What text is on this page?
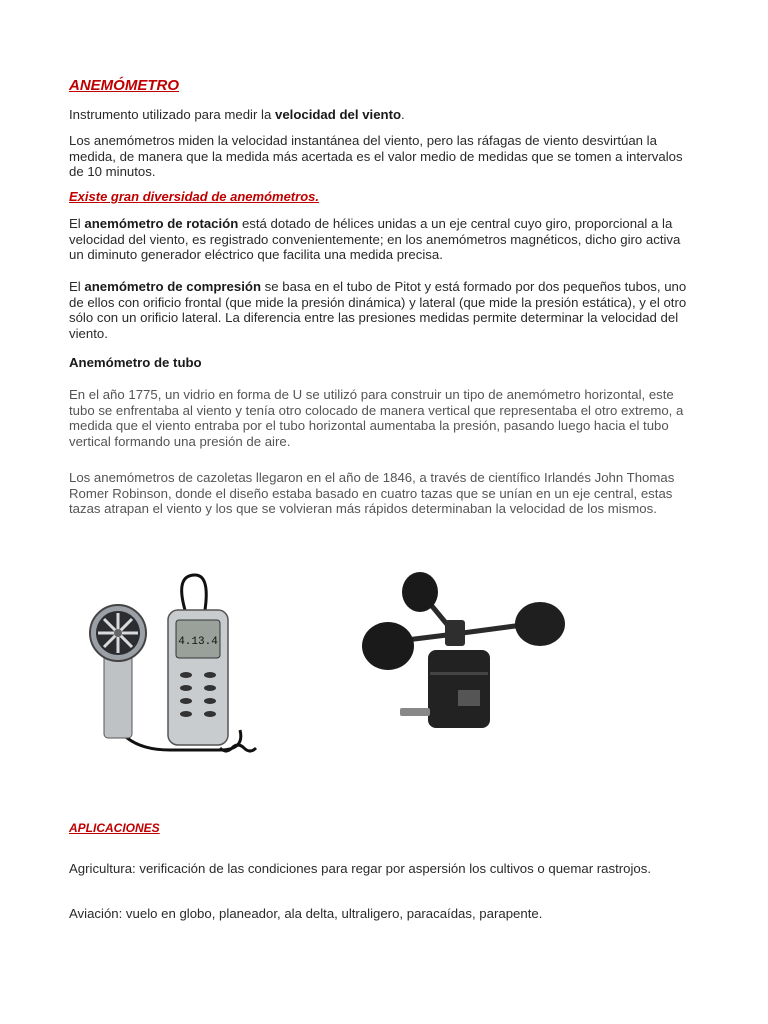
ANEMÓMETRO

Instrumento utilizado para medir la velocidad del viento.

Los anemómetros miden la velocidad instantánea del viento, pero las ráfagas de viento desvirtúan la medida, de manera que la medida más acertada es el valor medio de medidas que se tomen a intervalos de 10 minutos.

Existe gran diversidad de anemómetros.

El anemómetro de rotación está dotado de hélices unidas a un eje central cuyo giro, proporcional a la velocidad del viento, es registrado convenientemente; en los anemómetros magnéticos, dicho giro activa un diminuto generador eléctrico que facilita una medida precisa.

El anemómetro de compresión se basa en el tubo de Pitot y está formado por dos pequeños tubos, uno de ellos con orificio frontal (que mide la presión dinámica) y lateral (que mide la presión estática), y el otro sólo con un orificio lateral. La diferencia entre las presiones medidas permite determinar la velocidad del viento.

Anemómetro de tubo

En el año 1775, un vidrio en forma de U se utilizó para construir un tipo de anemómetro horizontal, este tubo se enfrentaba al viento y tenía otro colocado de manera vertical que representaba el otro extremo, a medida que el viento entraba por el tubo horizontal aumentaba la presión, pasando luego hacia el tubo vertical formando una presión de aire.

Los anemómetros de cazoletas llegaron en el año de 1846, a través de científico Irlandés John Thomas Romer Robinson, donde el diseño estaba basado en cuatro tazas que se unían en un eje central, estas tazas atrapan el viento y los que se volvieran más rápidos determinaban la velocidad de los mismos.

4.13.4
APLICACIONES

Agricultura: verificación de las condiciones para regar por aspersión los cultivos o quemar rastrojos.

Aviación: vuelo en globo, planeador, ala delta, ultraligero, paracaídas, parapente.
